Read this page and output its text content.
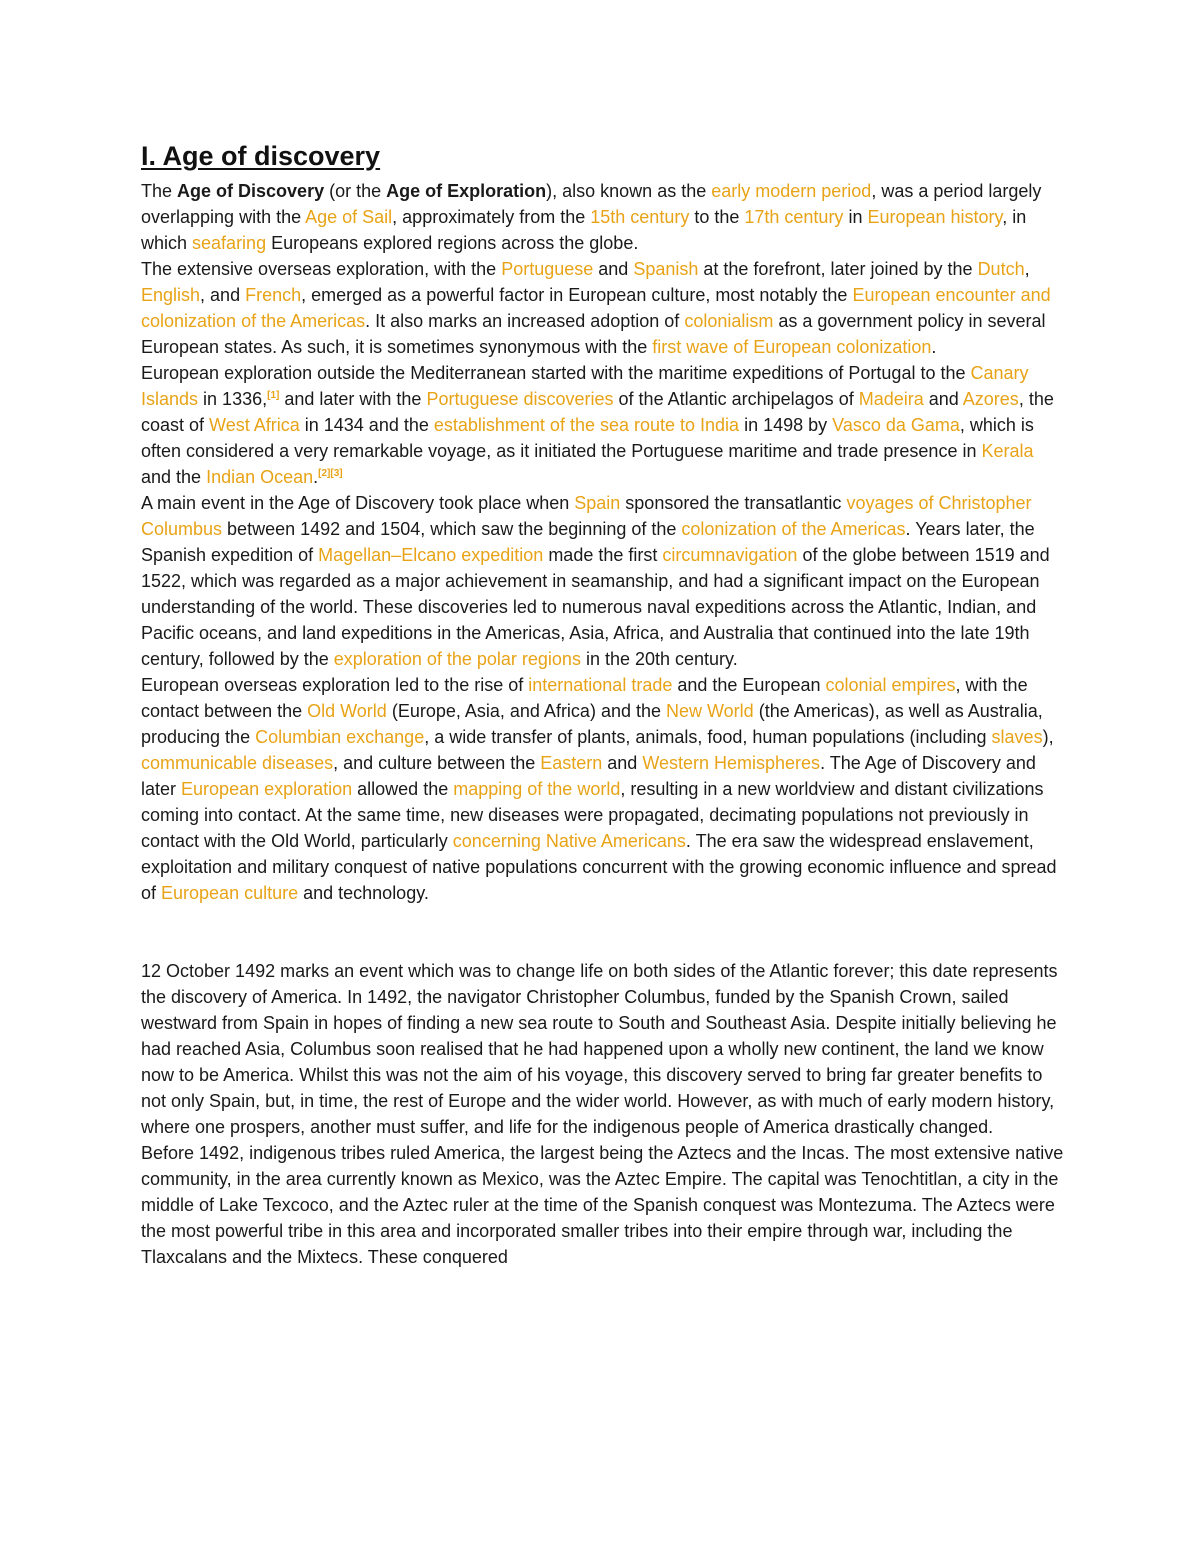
I. Age of discovery

The Age of Discovery (or the Age of Exploration), also known as the early modern period, was a period largely overlapping with the Age of Sail, approximately from the 15th century to the 17th century in European history, in which seafaring Europeans explored regions across the globe.

The extensive overseas exploration, with the Portuguese and Spanish at the forefront, later joined by the Dutch, English, and French, emerged as a powerful factor in European culture, most notably the European encounter and colonization of the Americas. It also marks an increased adoption of colonialism as a government policy in several European states. As such, it is sometimes synonymous with the first wave of European colonization.

European exploration outside the Mediterranean started with the maritime expeditions of Portugal to the Canary Islands in 1336,[1] and later with the Portuguese discoveries of the Atlantic archipelagos of Madeira and Azores, the coast of West Africa in 1434 and the establishment of the sea route to India in 1498 by Vasco da Gama, which is often considered a very remarkable voyage, as it initiated the Portuguese maritime and trade presence in Kerala and the Indian Ocean.[2][3]

A main event in the Age of Discovery took place when Spain sponsored the transatlantic voyages of Christopher Columbus between 1492 and 1504, which saw the beginning of the colonization of the Americas. Years later, the Spanish expedition of Magellan–Elcano expedition made the first circumnavigation of the globe between 1519 and 1522, which was regarded as a major achievement in seamanship, and had a significant impact on the European understanding of the world. These discoveries led to numerous naval expeditions across the Atlantic, Indian, and Pacific oceans, and land expeditions in the Americas, Asia, Africa, and Australia that continued into the late 19th century, followed by the exploration of the polar regions in the 20th century.

European overseas exploration led to the rise of international trade and the European colonial empires, with the contact between the Old World (Europe, Asia, and Africa) and the New World (the Americas), as well as Australia, producing the Columbian exchange, a wide transfer of plants, animals, food, human populations (including slaves), communicable diseases, and culture between the Eastern and Western Hemispheres. The Age of Discovery and later European exploration allowed the mapping of the world, resulting in a new worldview and distant civilizations coming into contact. At the same time, new diseases were propagated, decimating populations not previously in contact with the Old World, particularly concerning Native Americans. The era saw the widespread enslavement, exploitation and military conquest of native populations concurrent with the growing economic influence and spread of European culture and technology.

12 October 1492 marks an event which was to change life on both sides of the Atlantic forever; this date represents the discovery of America. In 1492, the navigator Christopher Columbus, funded by the Spanish Crown, sailed westward from Spain in hopes of finding a new sea route to South and Southeast Asia. Despite initially believing he had reached Asia, Columbus soon realised that he had happened upon a wholly new continent, the land we know now to be America. Whilst this was not the aim of his voyage, this discovery served to bring far greater benefits to not only Spain, but, in time, the rest of Europe and the wider world. However, as with much of early modern history, where one prospers, another must suffer, and life for the indigenous people of America drastically changed.

Before 1492, indigenous tribes ruled America, the largest being the Aztecs and the Incas. The most extensive native community, in the area currently known as Mexico, was the Aztec Empire. The capital was Tenochtitlan, a city in the middle of Lake Texcoco, and the Aztec ruler at the time of the Spanish conquest was Montezuma. The Aztecs were the most powerful tribe in this area and incorporated smaller tribes into their empire through war, including the Tlaxcalans and the Mixtecs. These conquered
